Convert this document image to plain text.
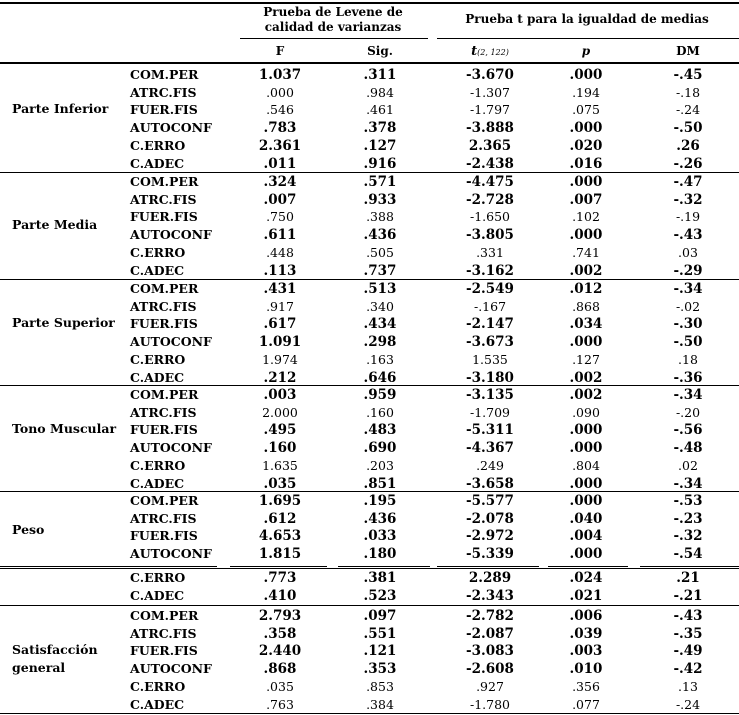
Prueba de Levene de calidad de varianzas
Prueba t para la igualdad de medias
F	Sig.	t(2, 122)	p	DM
Parte Inferior
COM.PER	1.037	.311	-3.670	.000	-.45
ATRC.FIS	.000	.984	-1.307	.194	-.18
FUER.FIS	.546	.461	-1.797	.075	-.24
AUTOCONF	.783	.378	-3.888	.000	-.50
C.ERRO	2.361	.127	2.365	.020	.26
C.ADEC	.011	.916	-2.438	.016	-.26
Parte Media
COM.PER	.324	.571	-4.475	.000	-.47
ATRC.FIS	.007	.933	-2.728	.007	-.32
FUER.FIS	.750	.388	-1.650	.102	-.19
AUTOCONF	.611	.436	-3.805	.000	-.43
C.ERRO	.448	.505	.331	.741	.03
C.ADEC	.113	.737	-3.162	.002	-.29
Parte Superior
COM.PER	.431	.513	-2.549	.012	-.34
ATRC.FIS	.917	.340	-.167	.868	-.02
FUER.FIS	.617	.434	-2.147	.034	-.30
AUTOCONF	1.091	.298	-3.673	.000	-.50
C.ERRO	1.974	.163	1.535	.127	.18
C.ADEC	.212	.646	-3.180	.002	-.36
Tono Muscular
COM.PER	.003	.959	-3.135	.002	-.34
ATRC.FIS	2.000	.160	-1.709	.090	-.20
FUER.FIS	.495	.483	-5.311	.000	-.56
AUTOCONF	.160	.690	-4.367	.000	-.48
C.ERRO	1.635	.203	.249	.804	.02
C.ADEC	.035	.851	-3.658	.000	-.34
Peso
COM.PER	1.695	.195	-5.577	.000	-.53
ATRC.FIS	.612	.436	-2.078	.040	-.23
FUER.FIS	4.653	.033	-2.972	.004	-.32
AUTOCONF	1.815	.180	-5.339	.000	-.54
C.ERRO	.773	.381	2.289	.024	.21
C.ADEC	.410	.523	-2.343	.021	-.21
Satisfacción general
COM.PER	2.793	.097	-2.782	.006	-.43
ATRC.FIS	.358	.551	-2.087	.039	-.35
FUER.FIS	2.440	.121	-3.083	.003	-.49
AUTOCONF	.868	.353	-2.608	.010	-.42
C.ERRO	.035	.853	.927	.356	.13
C.ADEC	.763	.384	-1.780	.077	-.24
